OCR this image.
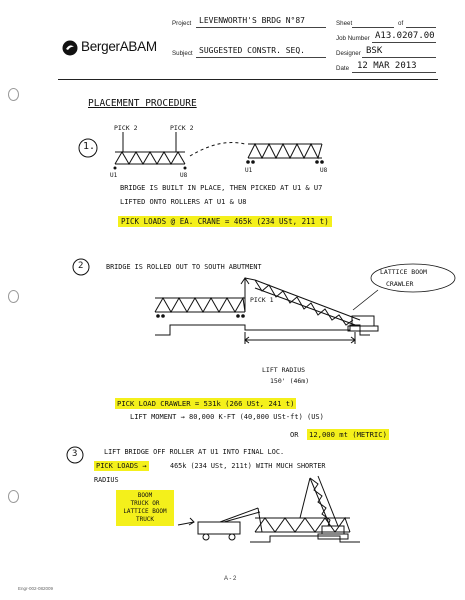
BergerABAM
Project LEVENWORTH'S BRDG N°87
Subject SUGGESTED CONSTR. SEQ.
Sheet	of
Job Number A13.0207.00
Designer BSK
Date 12 MAR 2013
PLACEMENT PROCEDURE
1.
PICK 2	PICK 2
U1	U8
U1	U8
BRIDGE IS BUILT IN PLACE, THEN PICKED AT U1 & U7
LIFTED ONTO ROLLERS AT U1 & U8
PICK LOADS @ EA. CRANE = 465k (234 USt, 211 t)
2	BRIDGE IS ROLLED OUT TO SOUTH ABUTMENT
LATTICE BOOM
CRAWLER
PICK 1
LIFT RADIUS
150' (46m)
PICK LOAD CRAWLER = 531k (266 USt, 241 t)
LIFT MOMENT → 80,000 K-FT (40,000 USt-ft) (US)
OR 12,000 mt (METRIC)
3	LIFT BRIDGE OFF ROLLER AT U1 INTO FINAL LOC.
PICK LOADS →	465k (234 USt, 211t) WITH MUCH SHORTER
RADIUS
BOOM
TRUCK OR
LATTICE BOOM
TRUCK
A - 2
Engr-002-082009
